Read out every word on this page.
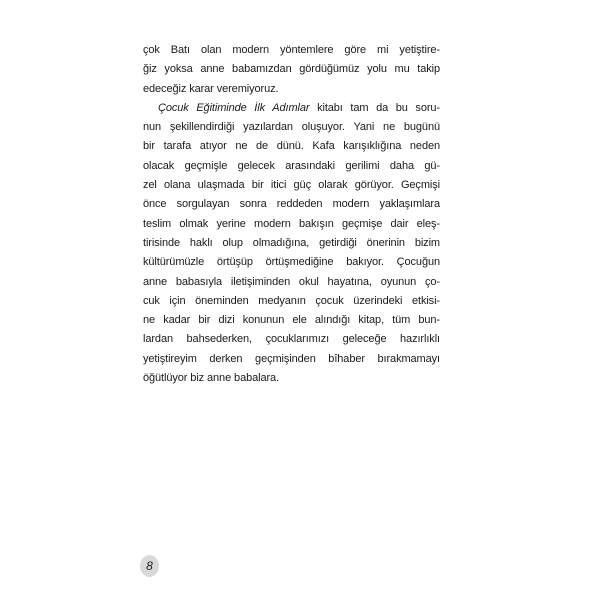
çok Batı olan modern yöntemlere göre mi yetiştire-
ğiz yoksa anne babamızdan gördüğümüz yolu mu takip
edeceğiz karar veremiyoruz.
Çocuk Eğitiminde İlk Adımlar kitabı tam da bu soru-
nun şekillendirdiği yazılardan oluşuyor. Yani ne bugünü
bir tarafa atıyor ne de dünü. Kafa karışıklığına neden
olacak geçmişle gelecek arasındaki gerilimi daha gü-
zel olana ulaşmada bir itici güç olarak görüyor. Geçmişi
önce sorgulayan sonra reddeden modern yaklaşımlara
teslim olmak yerine modern bakışın geçmişe dair eleş-
tirisinde haklı olup olmadığına, getirdiği önerinin bizim
kültürümüzle örtüşüp örtüşmediğine bakıyor. Çocuğun
anne babasıyla iletişiminden okul hayatına, oyunun ço-
cuk için öneminden medyanın çocuk üzerindeki etkisi-
ne kadar bir dizi konunun ele alındığı kitap, tüm bun-
lardan bahsederken, çocuklarımızı geleceğe hazırlıklı
yetiştireyim derken geçmişinden bîhaber bırakmamayı
öğütlüyor biz anne babalara.
8
